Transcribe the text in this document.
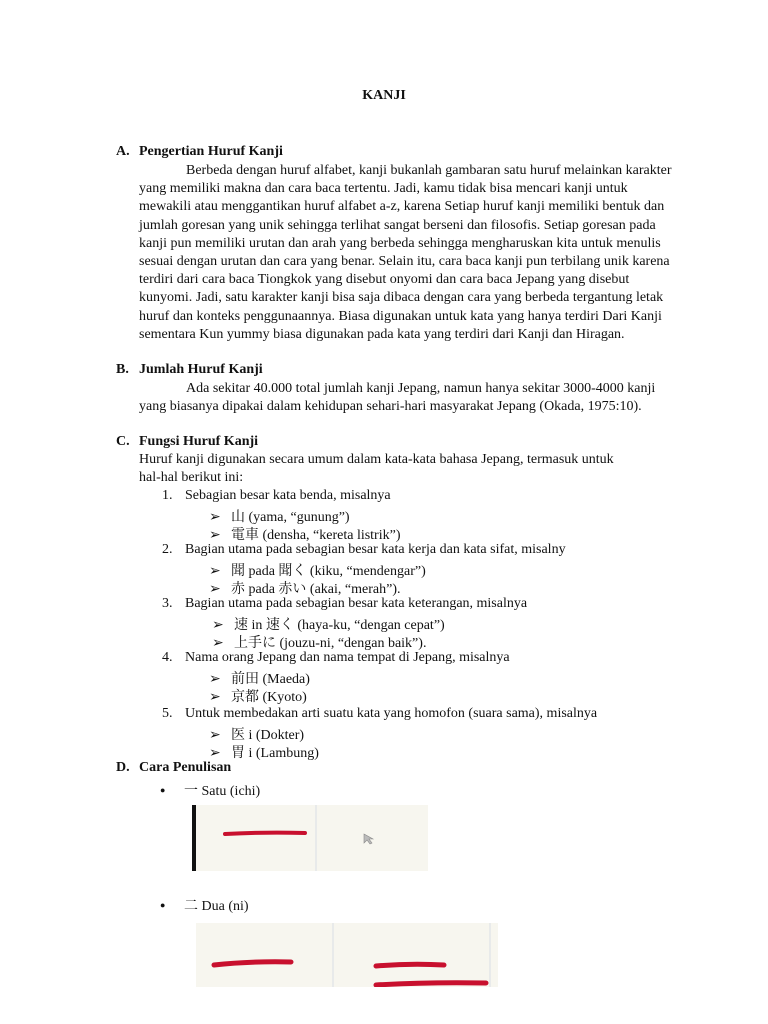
KANJI
A. Pengertian Huruf Kanji
Berbeda dengan huruf alfabet, kanji bukanlah gambaran satu huruf melainkan karakter yang memiliki makna dan cara baca tertentu. Jadi, kamu tidak bisa mencari kanji untuk mewakili atau menggantikan huruf alfabet a-z, karena Setiap huruf kanji memiliki bentuk dan jumlah goresan yang unik sehingga terlihat sangat berseni dan filosofis. Setiap goresan pada kanji pun memiliki urutan dan arah yang berbeda sehingga mengharuskan kita untuk menulis sesuai dengan urutan dan cara yang benar. Selain itu, cara baca kanji pun terbilang unik karena terdiri dari cara baca Tiongkok yang disebut onyomi dan cara baca Jepang yang disebut kunyomi. Jadi, satu karakter kanji bisa saja dibaca dengan cara yang berbeda tergantung letak huruf dan konteks penggunaannya. Biasa digunakan untuk kata yang hanya terdiri Dari Kanji sementara Kun yummy biasa digunakan pada kata yang terdiri dari Kanji dan Hiragan.
B. Jumlah Huruf Kanji
Ada sekitar 40.000 total jumlah kanji Jepang, namun hanya sekitar 3000-4000 kanji yang biasanya dipakai dalam kehidupan sehari-hari masyarakat Jepang (Okada, 1975:10).
C. Fungsi Huruf Kanji
Huruf kanji digunakan secara umum dalam kata-kata bahasa Jepang, termasuk untuk
hal-hal berikut ini:
1. Sebagian besar kata benda, misalnya
➢ 山 (yama, “gunung”)
➢ 電車 (densha, “kereta listrik”)
2. Bagian utama pada sebagian besar kata kerja dan kata sifat, misalny
➢ 聞 pada 聞く (kiku, “mendengar”)
➢ 赤 pada 赤い (akai, “merah”).
3. Bagian utama pada sebagian besar kata keterangan, misalnya
➢ 速 in 速く (haya-ku, “dengan cepat”)
➢ 上手に (jouzu-ni, “dengan baik”).
4. Nama orang Jepang dan nama tempat di Jepang, misalnya
➢ 前田 (Maeda)
➢ 京都 (Kyoto)
5. Untuk membedakan arti suatu kata yang homofon (suara sama), misalnya
➢ 医 i (Dokter)
➢ 胃 i (Lambung)
D. Cara Penulisan
● 一 Satu (ichi)
● 二 Dua (ni)
